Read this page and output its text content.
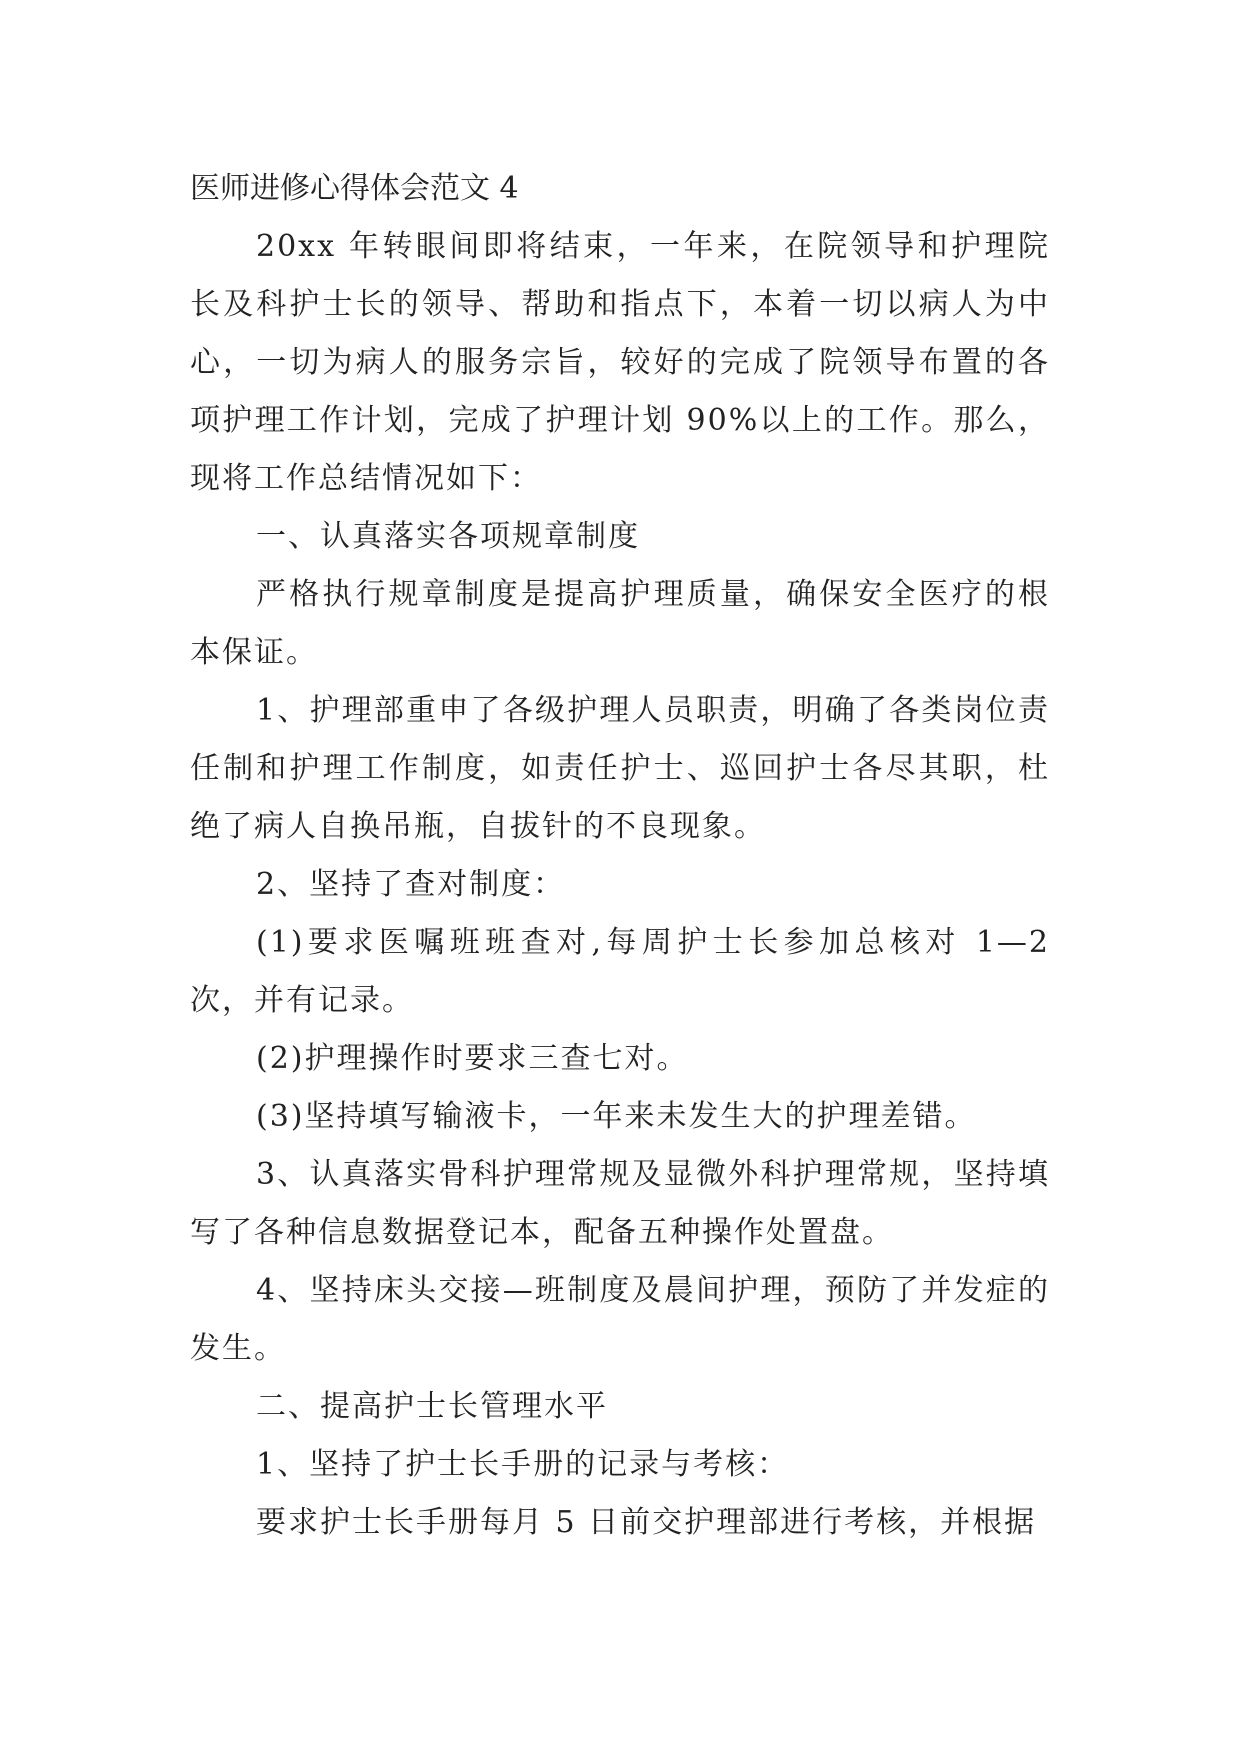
医师进修心得体会范文 4

20xx 年转眼间即将结束，一年来，在院领导和护理院长及科护士长的领导、帮助和指点下，本着一切以病人为中心，一切为病人的服务宗旨，较好的完成了院领导布置的各项护理工作计划，完成了护理计划 90%以上的工作。那么，现将工作总结情况如下：

一、认真落实各项规章制度

严格执行规章制度是提高护理质量，确保安全医疗的根本保证。

1、护理部重申了各级护理人员职责，明确了各类岗位责任制和护理工作制度，如责任护士、巡回护士各尽其职，杜绝了病人自换吊瓶，自拔针的不良现象。

2、坚持了查对制度：

(1)要求医嘱班班查对,每周护士长参加总核对 1—2 次，并有记录。

(2)护理操作时要求三查七对。

(3)坚持填写输液卡，一年来未发生大的护理差错。

3、认真落实骨科护理常规及显微外科护理常规，坚持填写了各种信息数据登记本，配备五种操作处置盘。

4、坚持床头交接—班制度及晨间护理，预防了并发症的发生。

二、提高护士长管理水平

1、坚持了护士长手册的记录与考核：

要求护士长手册每月 5 日前交护理部进行考核，并根据
